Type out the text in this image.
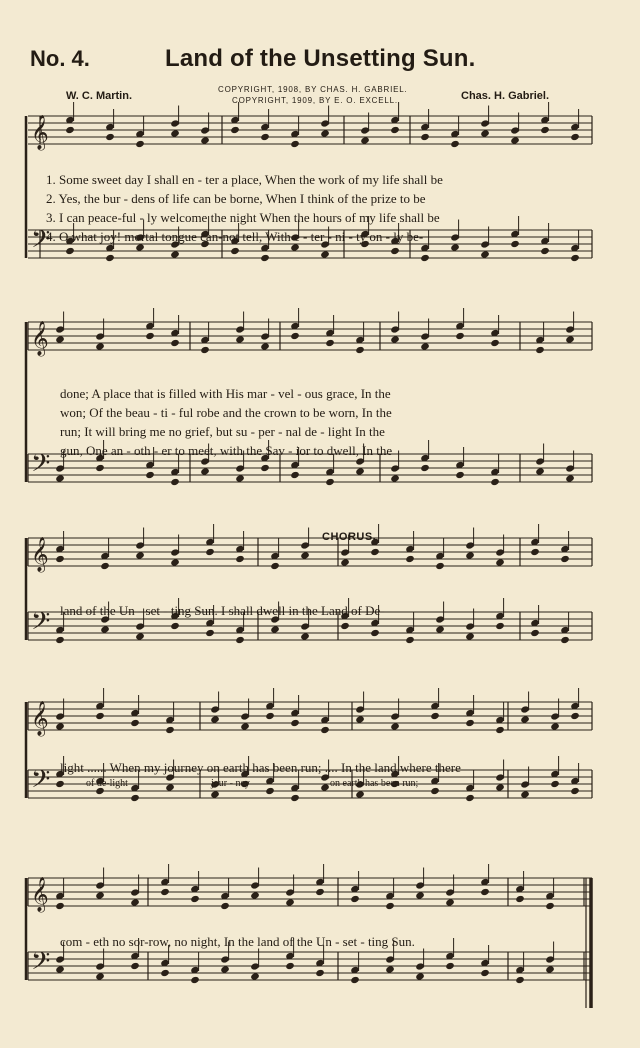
No. 4.	Land of the Unsetting Sun.
COPYRIGHT, 1908, BY CHAS. H. GABRIEL.
COPYRIGHT, 1909, BY E. O. EXCELL.
W. C. Martin.	Chas. H. Gabriel.
𝄞
𝄢
𝄞
𝄢
𝄞
𝄢
𝄞
𝄢
𝄞
𝄢
1. Some sweet day I shall en - ter a place, When the work of my life shall be
2. Yes, the bur - dens of life can be borne, When I think of the prize to be
3. I can peace-ful - ly welcome the night When the hours of my life shall be
4. O what joy! mortal tongue can-not tell, With e - ter - ni - ty on - ly be-
done; A place that is filled with His mar - vel - ous grace, In the
won; Of the beau - ti - ful robe and the crown to be worn, In the
run; It will bring me no grief, but su - per - nal de - light In the
gun, One an - oth - er to meet, with the Sav - ior to dwell, In the
CHORUS.
land of the Un - set - ting Sun. I shall dwell in the Land of De-
light ...... When my journey on earth has been run; .... In the land where there
of de-light	jour - ney	on earth has been run;
com - eth no sor-row, no night, In the land of the Un - set - ting Sun.
